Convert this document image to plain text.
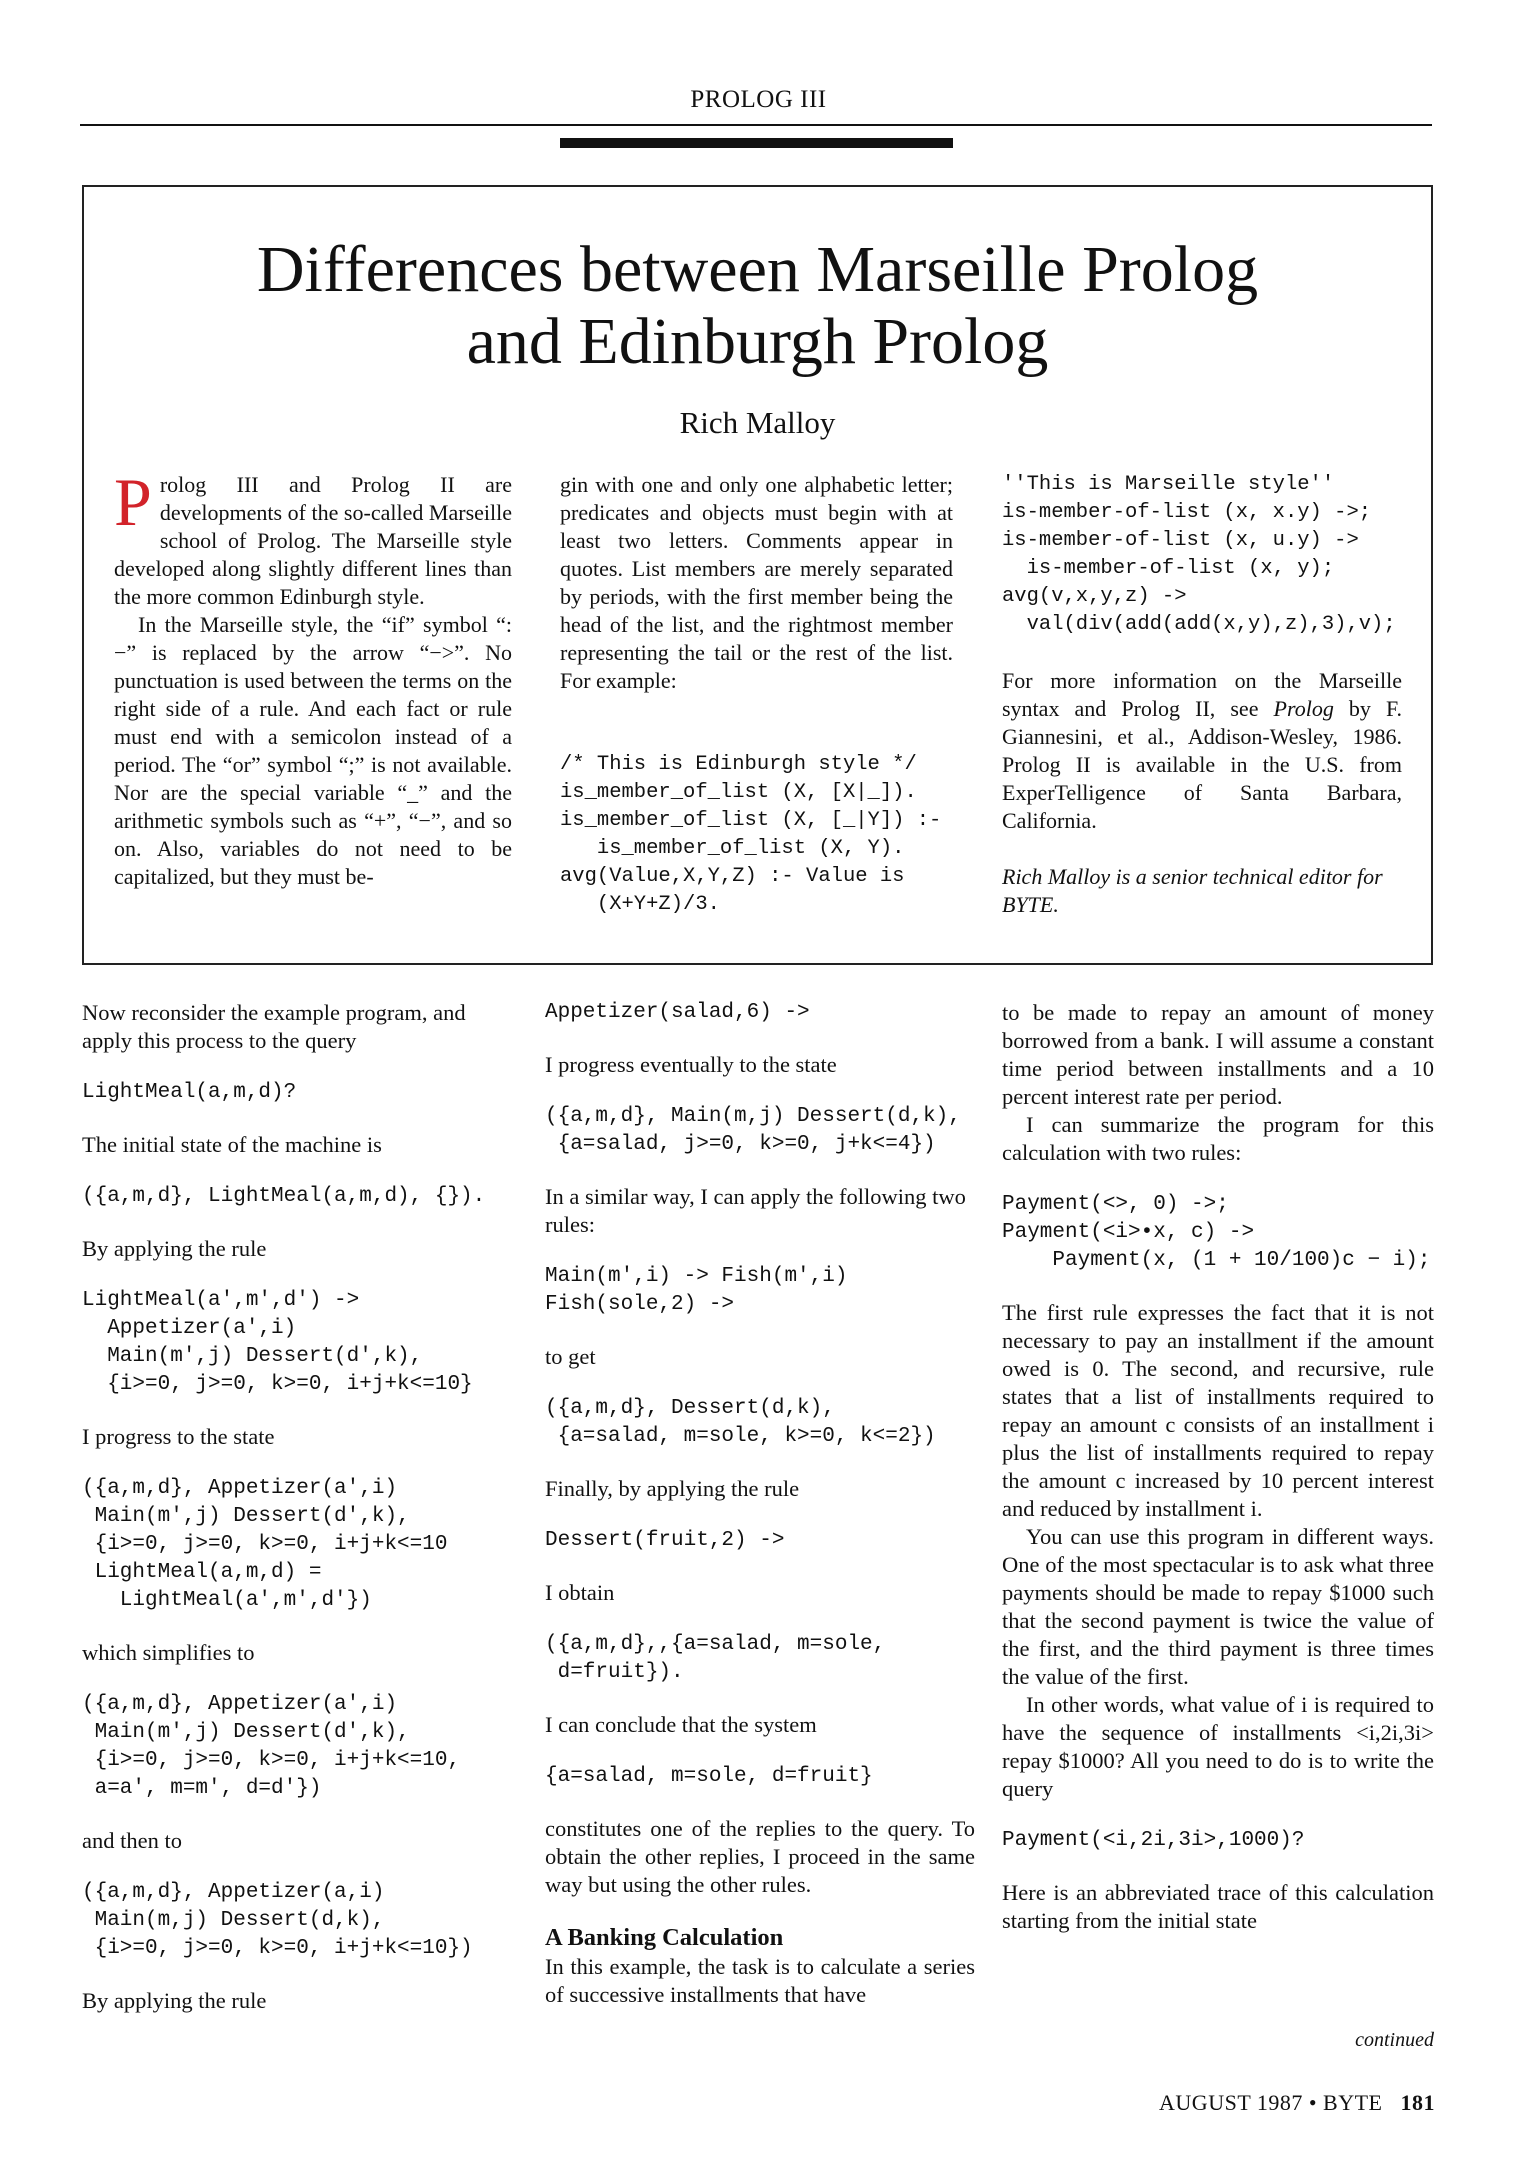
PROLOG III
Differences between Marseille Prolog
and Edinburgh Prolog
Rich Malloy

Prolog III and Prolog II are developments of the so-called Marseille school of Prolog. The Marseille style developed along slightly different lines than the more common Edinburgh style.

In the Marseille style, the “if” symbol “:−” is replaced by the arrow “−>”. No punctuation is used between the terms on the right side of a rule. And each fact or rule must end with a semicolon instead of a period. The “or” symbol “;” is not available. Nor are the special variable “_” and the arithmetic symbols such as “+”, “−”, and so on. Also, variables do not need to be capitalized, but they must be-

gin with one and only one alphabetic letter; predicates and objects must begin with at least two letters. Comments appear in quotes. List members are merely separated by periods, with the first member being the head of the list, and the rightmost member representing the tail or the rest of the list. For example:

/* This is Edinburgh style */
is_member_of_list (X, [X|_]).
is_member_of_list (X, [_|Y]) :-
is_member_of_list (X, Y).
avg(Value,X,Y,Z) :- Value is
(X+Y+Z)/3.
''This is Marseille style''
is-member-of-list (x, x.y) ->;
is-member-of-list (x, u.y) ->
is-member-of-list (x, y);
avg(v,x,y,z) ->
val(div(add(add(x,y),z),3),v);

For more information on the Marseille syntax and Prolog II, see Prolog by F. Giannesini, et al., Addison-Wesley, 1986. Prolog II is available in the U.S. from ExperTelligence of Santa Barbara, California.

Rich Malloy is a senior technical editor for BYTE.

Now reconsider the example program, and apply this process to the query

LightMeal(a,m,d)?

The initial state of the machine is

({a,m,d}, LightMeal(a,m,d), {}).

By applying the rule

LightMeal(a',m',d') ->
Appetizer(a',i)
Main(m',j) Dessert(d',k),
{i>=0, j>=0, k>=0, i+j+k<=10}

I progress to the state

({a,m,d}, Appetizer(a',i)
Main(m',j) Dessert(d',k),
{i>=0, j>=0, k>=0, i+j+k<=10
LightMeal(a,m,d) =
LightMeal(a',m',d'})

which simplifies to

({a,m,d}, Appetizer(a',i)
Main(m',j) Dessert(d',k),
{i>=0, j>=0, k>=0, i+j+k<=10,
a=a', m=m', d=d'})

and then to

({a,m,d}, Appetizer(a,i)
Main(m,j) Dessert(d,k),
{i>=0, j>=0, k>=0, i+j+k<=10})

By applying the rule

Appetizer(salad,6) ->

I progress eventually to the state

({a,m,d}, Main(m,j) Dessert(d,k),
{a=salad, j>=0, k>=0, j+k<=4})

In a similar way, I can apply the following two rules:

Main(m',i) -> Fish(m',i)
Fish(sole,2) ->

to get

({a,m,d}, Dessert(d,k),
{a=salad, m=sole, k>=0, k<=2})

Finally, by applying the rule

Dessert(fruit,2) ->

I obtain

({a,m,d},,{a=salad, m=sole,
d=fruit}).

I can conclude that the system

{a=salad, m=sole, d=fruit}

constitutes one of the replies to the query. To obtain the other replies, I proceed in the same way but using the other rules.

A Banking Calculation

In this example, the task is to calculate a series of successive installments that have

to be made to repay an amount of money borrowed from a bank. I will assume a constant time period between installments and a 10 percent interest rate per period.

I can summarize the program for this calculation with two rules:

Payment(<>, 0) ->;
Payment(<i>•x, c) ->
Payment(x, (1 + 10/100)c − i);

The first rule expresses the fact that it is not necessary to pay an installment if the amount owed is 0. The second, and recursive, rule states that a list of installments required to repay an amount c consists of an installment i plus the list of installments required to repay the amount c increased by 10 percent interest and reduced by installment i.

You can use this program in different ways. One of the most spectacular is to ask what three payments should be made to repay $1000 such that the second payment is twice the value of the first, and the third payment is three times the value of the first.

In other words, what value of i is required to have the sequence of installments <i,2i,3i> repay $1000? All you need to do is to write the query

Payment(<i,2i,3i>,1000)?

Here is an abbreviated trace of this calculation starting from the initial state

continued
AUGUST 1987 • BYTE 181
